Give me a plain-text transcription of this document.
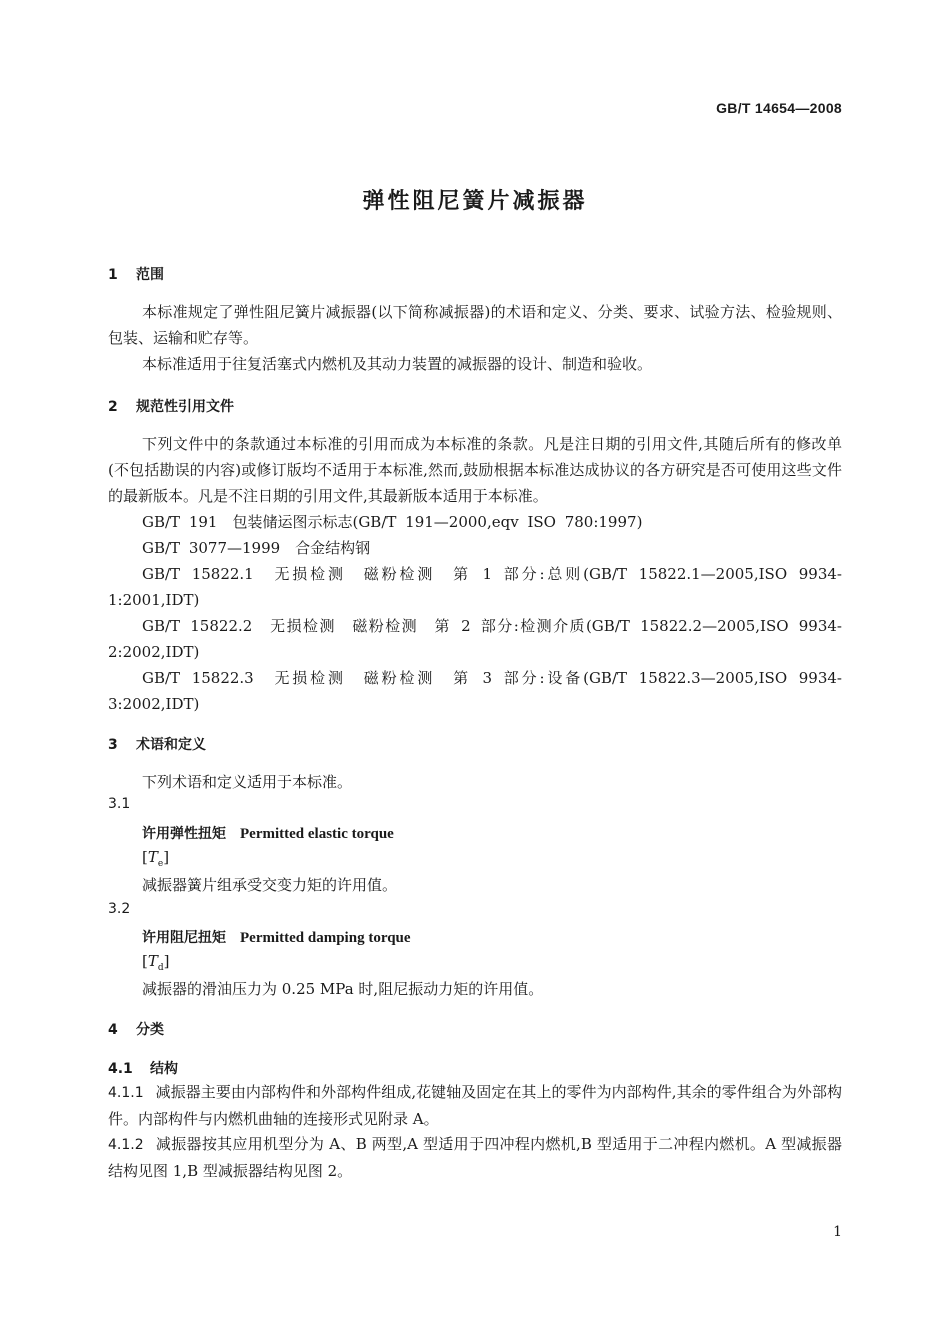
GB/T 14654—2008
弹性阻尼簧片减振器
1 范围
本标准规定了弹性阻尼簧片减振器(以下简称减振器)的术语和定义、分类、要求、试验方法、检验规则、包装、运输和贮存等。
本标准适用于往复活塞式内燃机及其动力装置的减振器的设计、制造和验收。
2 规范性引用文件
下列文件中的条款通过本标准的引用而成为本标准的条款。凡是注日期的引用文件,其随后所有的修改单(不包括勘误的内容)或修订版均不适用于本标准,然而,鼓励根据本标准达成协议的各方研究是否可使用这些文件的最新版本。凡是不注日期的引用文件,其最新版本适用于本标准。
GB/T 191　包装储运图示标志(GB/T 191—2000,eqv ISO 780:1997)
GB/T 3077—1999　合金结构钢
GB/T 15822.1　无损检测　磁粉检测　第 1 部分:总则(GB/T 15822.1—2005,ISO 9934-1:2001,IDT)
GB/T 15822.2　无损检测　磁粉检测　第 2 部分:检测介质(GB/T 15822.2—2005,ISO 9934-2:2002,IDT)
GB/T 15822.3　无损检测　磁粉检测　第 3 部分:设备(GB/T 15822.3—2005,ISO 9934-3:2002,IDT)
3 术语和定义
下列术语和定义适用于本标准。
3.1
许用弹性扭矩 Permitted elastic torque
$[T_e]$
减振器簧片组承受交变力矩的许用值。
3.2
许用阻尼扭矩 Permitted damping torque
$[T_d]$
减振器的滑油压力为 0.25 MPa 时,阻尼振动力矩的许用值。
4 分类
4.1 结构
4.1.1 减振器主要由内部构件和外部构件组成,花键轴及固定在其上的零件为内部构件,其余的零件组合为外部构件。内部构件与内燃机曲轴的连接形式见附录 A。
4.1.2 减振器按其应用机型分为 A、B 两型,A 型适用于四冲程内燃机,B 型适用于二冲程内燃机。A 型减振器结构见图 1,B 型减振器结构见图 2。
1
